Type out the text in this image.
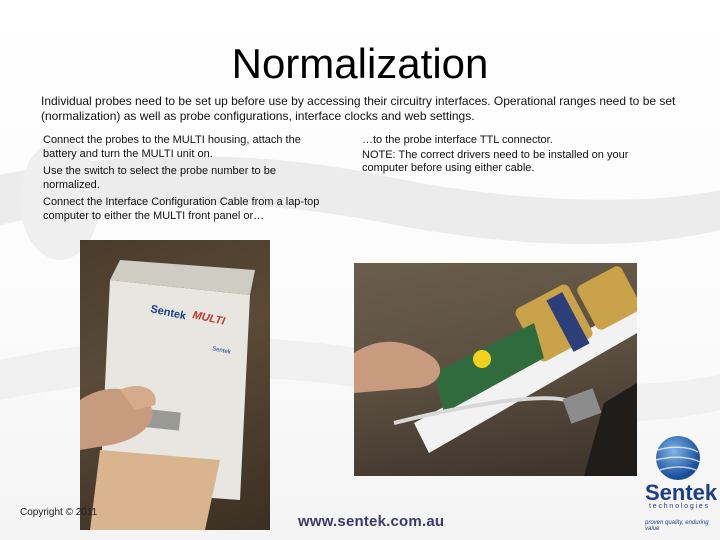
Normalization
Individual probes need to be set up before use by accessing their circuitry interfaces. Operational ranges need to be set (normalization) as well as probe configurations, interface clocks and web settings.

Connect the probes to the MULTI housing, attach the battery and turn the MULTI unit on.

Use the switch to select the probe number to be normalized.

Connect the Interface Configuration Cable from a lap-top computer to either the MULTI front panel or…

…to the probe interface TTL connector.

NOTE: The correct drivers need to be installed on your computer before using either cable.

Sentek MULTI
Sentek
Copyright © 2011
www.sentek.com.au
Sentek
technologies
proven quality, enduring value
